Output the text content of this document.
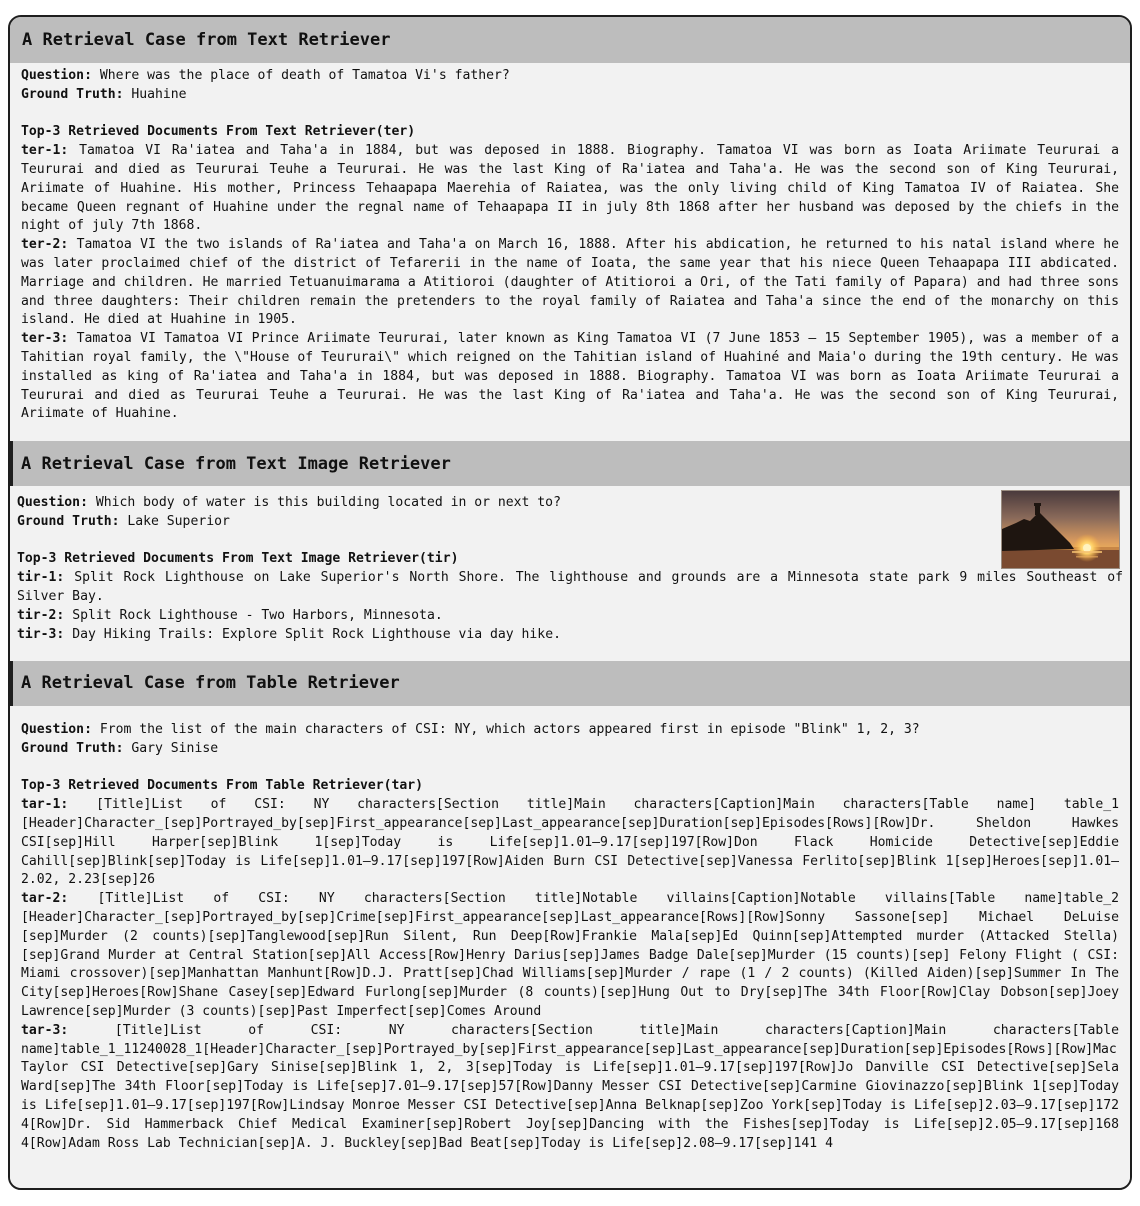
A Retrieval Case from Text Retriever
Question: Where was the place of death of Tamatoa Vi's father?
Ground Truth: Huahine
Top-3 Retrieved Documents From Text Retriever(ter)
ter-1: Tamatoa VI Ra'iatea and Taha'a in 1884, but was deposed in 1888. Biography. Tamatoa VI was born as Ioata Ariimate Teururai a Teururai and died as Teururai Teuhe a Teururai. He was the last King of Ra'iatea and Taha'a. He was the second son of King Teururai, Ariimate of Huahine. His mother, Princess Tehaapapa Maerehia of Raiatea, was the only living child of King Tamatoa IV of Raiatea. She became Queen regnant of Huahine under the regnal name of Tehaapapa II in july 8th 1868 after her husband was deposed by the chiefs in the night of july 7th 1868.
ter-2: Tamatoa VI the two islands of Ra'iatea and Taha'a on March 16, 1888. After his abdication, he returned to his natal island where he was later proclaimed chief of the district of Tefarerii in the name of Ioata, the same year that his niece Queen Tehaapapa III abdicated. Marriage and children. He married Tetuanuimarama a Atitioroi (daughter of Atitioroi a Ori, of the Tati family of Papara) and had three sons and three daughters: Their children remain the pretenders to the royal family of Raiatea and Taha'a since the end of the monarchy on this island. He died at Huahine in 1905.
ter-3: Tamatoa VI Tamatoa VI Prince Ariimate Teururai, later known as King Tamatoa VI (7 June 1853 – 15 September 1905), was a member of a Tahitian royal family, the \"House of Teururai\" which reigned on the Tahitian island of Huahiné and Maia'o during the 19th century. He was installed as king of Ra'iatea and Taha'a in 1884, but was deposed in 1888. Biography. Tamatoa VI was born as Ioata Ariimate Teururai a Teururai and died as Teururai Teuhe a Teururai. He was the last King of Ra'iatea and Taha'a. He was the second son of King Teururai, Ariimate of Huahine.
A Retrieval Case from Text Image Retriever
Question: Which body of water is this building located in or next to?
Ground Truth: Lake Superior
Top-3 Retrieved Documents From Text Image Retriever(tir)
tir-1: Split Rock Lighthouse on Lake Superior's North Shore. The lighthouse and grounds are a Minnesota state park 9 miles Southeast of Silver Bay.
tir-2: Split Rock Lighthouse - Two Harbors, Minnesota.
tir-3: Day Hiking Trails: Explore Split Rock Lighthouse via day hike.
A Retrieval Case from Table Retriever
Question: From the list of the main characters of CSI: NY, which actors appeared first in episode "Blink" 1, 2, 3?
Ground Truth: Gary Sinise
Top-3 Retrieved Documents From Table Retriever(tar)
tar-1: [Title]List of CSI: NY characters[Section title]Main characters[Caption]Main characters[Table name] table_1 [Header]Character_[sep]Portrayed_by[sep]First_appearance[sep]Last_appearance[sep]Duration[sep]Episodes[Rows][Row]Dr. Sheldon Hawkes CSI[sep]Hill Harper[sep]Blink 1[sep]Today is Life[sep]1.01–9.17[sep]197[Row]Don Flack Homicide Detective[sep]Eddie Cahill[sep]Blink[sep]Today is Life[sep]1.01–9.17[sep]197[Row]Aiden Burn CSI Detective[sep]Vanessa Ferlito[sep]Blink 1[sep]Heroes[sep]1.01–2.02, 2.23[sep]26
tar-2: [Title]List of CSI: NY characters[Section title]Notable villains[Caption]Notable villains[Table name]table_2 [Header]Character_[sep]Portrayed_by[sep]Crime[sep]First_appearance[sep]Last_appearance[Rows][Row]Sonny Sassone[sep] Michael DeLuise [sep]Murder (2 counts)[sep]Tanglewood[sep]Run Silent, Run Deep[Row]Frankie Mala[sep]Ed Quinn[sep]Attempted murder (Attacked Stella)[sep]Grand Murder at Central Station[sep]All Access[Row]Henry Darius[sep]James Badge Dale[sep]Murder (15 counts)[sep] Felony Flight ( CSI: Miami crossover)[sep]Manhattan Manhunt[Row]D.J. Pratt[sep]Chad Williams[sep]Murder / rape (1 / 2 counts) (Killed Aiden)[sep]Summer In The City[sep]Heroes[Row]Shane Casey[sep]Edward Furlong[sep]Murder (8 counts)[sep]Hung Out to Dry[sep]The 34th Floor[Row]Clay Dobson[sep]Joey Lawrence[sep]Murder (3 counts)[sep]Past Imperfect[sep]Comes Around
tar-3:	[Title]List of CSI: NY characters[Section title]Main characters[Caption]Main characters[Table name]table_1_11240028_1[Header]Character_[sep]Portrayed_by[sep]First_appearance[sep]Last_appearance[sep]Duration[sep]Episodes[Rows][Row]Mac Taylor CSI Detective[sep]Gary Sinise[sep]Blink 1, 2, 3[sep]Today is Life[sep]1.01–9.17[sep]197[Row]Jo Danville CSI Detective[sep]Sela Ward[sep]The 34th Floor[sep]Today is Life[sep]7.01–9.17[sep]57[Row]Danny Messer CSI Detective[sep]Carmine Giovinazzo[sep]Blink 1[sep]Today is Life[sep]1.01–9.17[sep]197[Row]Lindsay Monroe Messer CSI Detective[sep]Anna Belknap[sep]Zoo York[sep]Today is Life[sep]2.03–9.17[sep]172 4[Row]Dr. Sid Hammerback Chief Medical Examiner[sep]Robert Joy[sep]Dancing with the Fishes[sep]Today is Life[sep]2.05–9.17[sep]168 4[Row]Adam Ross Lab Technician[sep]A. J. Buckley[sep]Bad Beat[sep]Today is Life[sep]2.08–9.17[sep]141 4
